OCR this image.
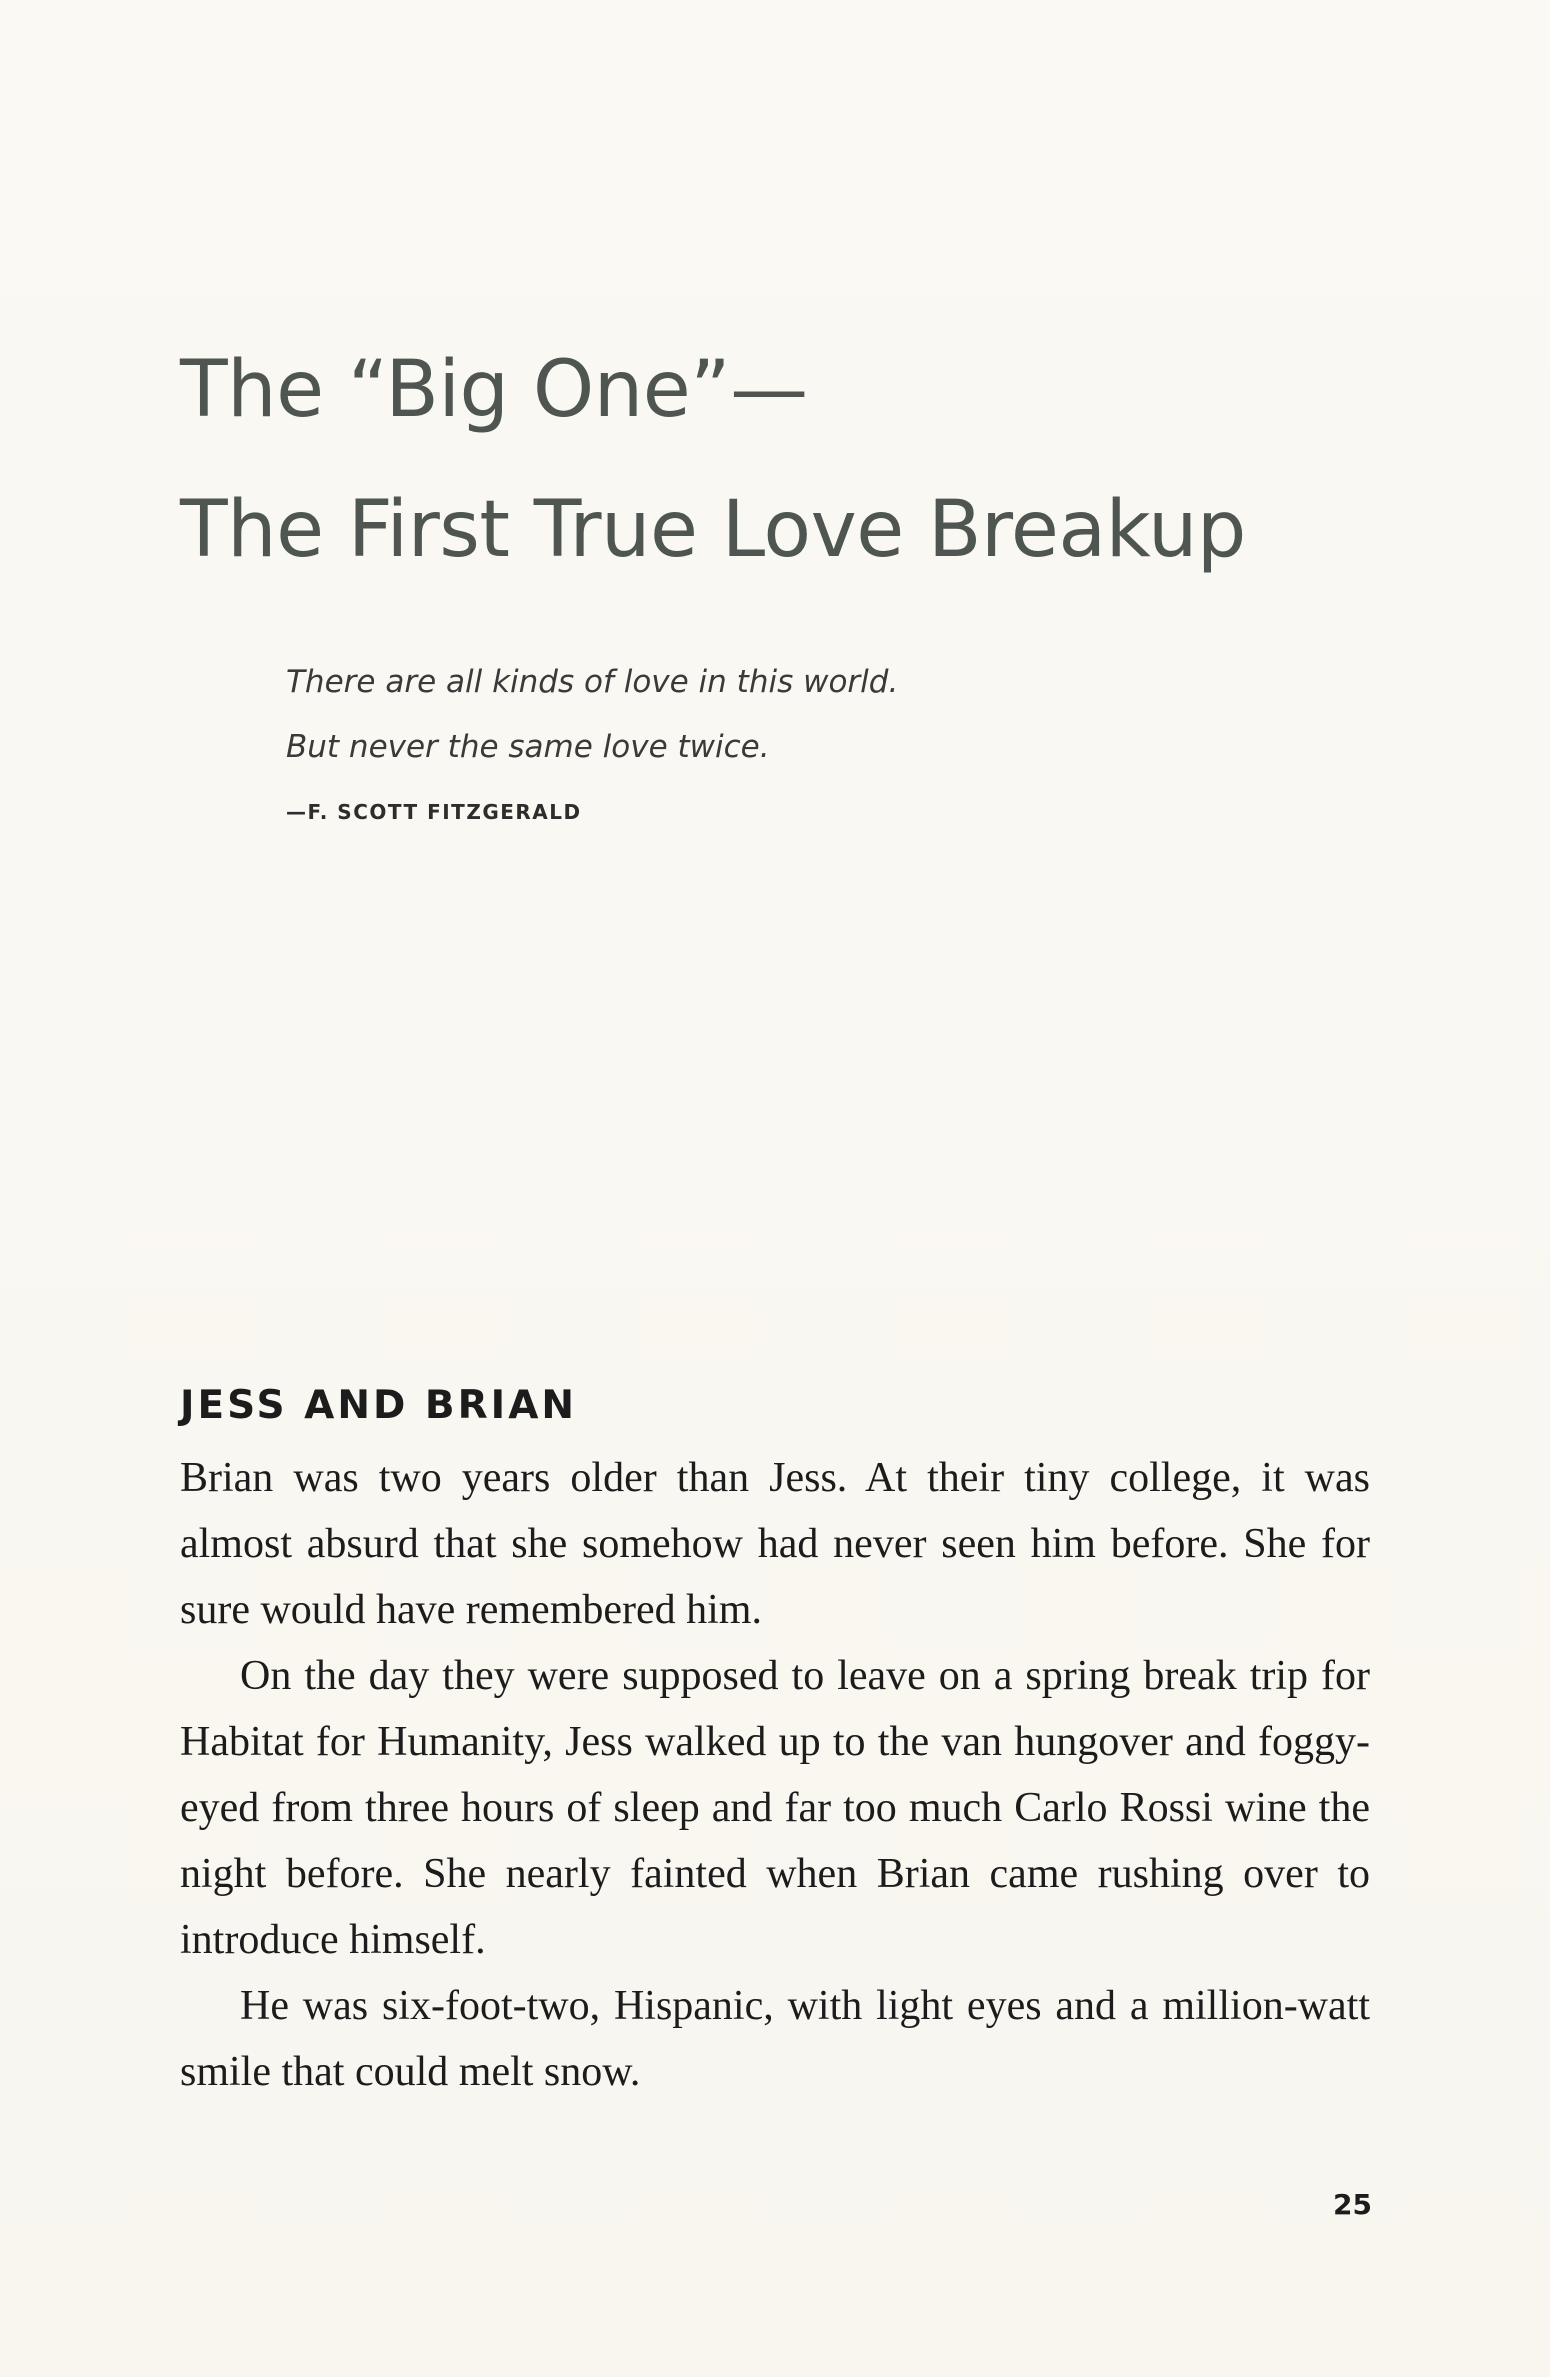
The “Big One”—
The First True Love Breakup
There are all kinds of love in this world.
But never the same love twice.
—F. SCOTT FITZGERALD
JESS AND BRIAN

Brian was two years older than Jess. At their tiny college, it was almost absurd that she somehow had never seen him before. She for sure would have remembered him.

On the day they were supposed to leave on a spring break trip for Habitat for Humanity, Jess walked up to the van hungover and foggy-eyed from three hours of sleep and far too much Carlo Rossi wine the night before. She nearly fainted when Brian came rushing over to introduce himself.

He was six-foot-two, Hispanic, with light eyes and a million-watt smile that could melt snow.

25
